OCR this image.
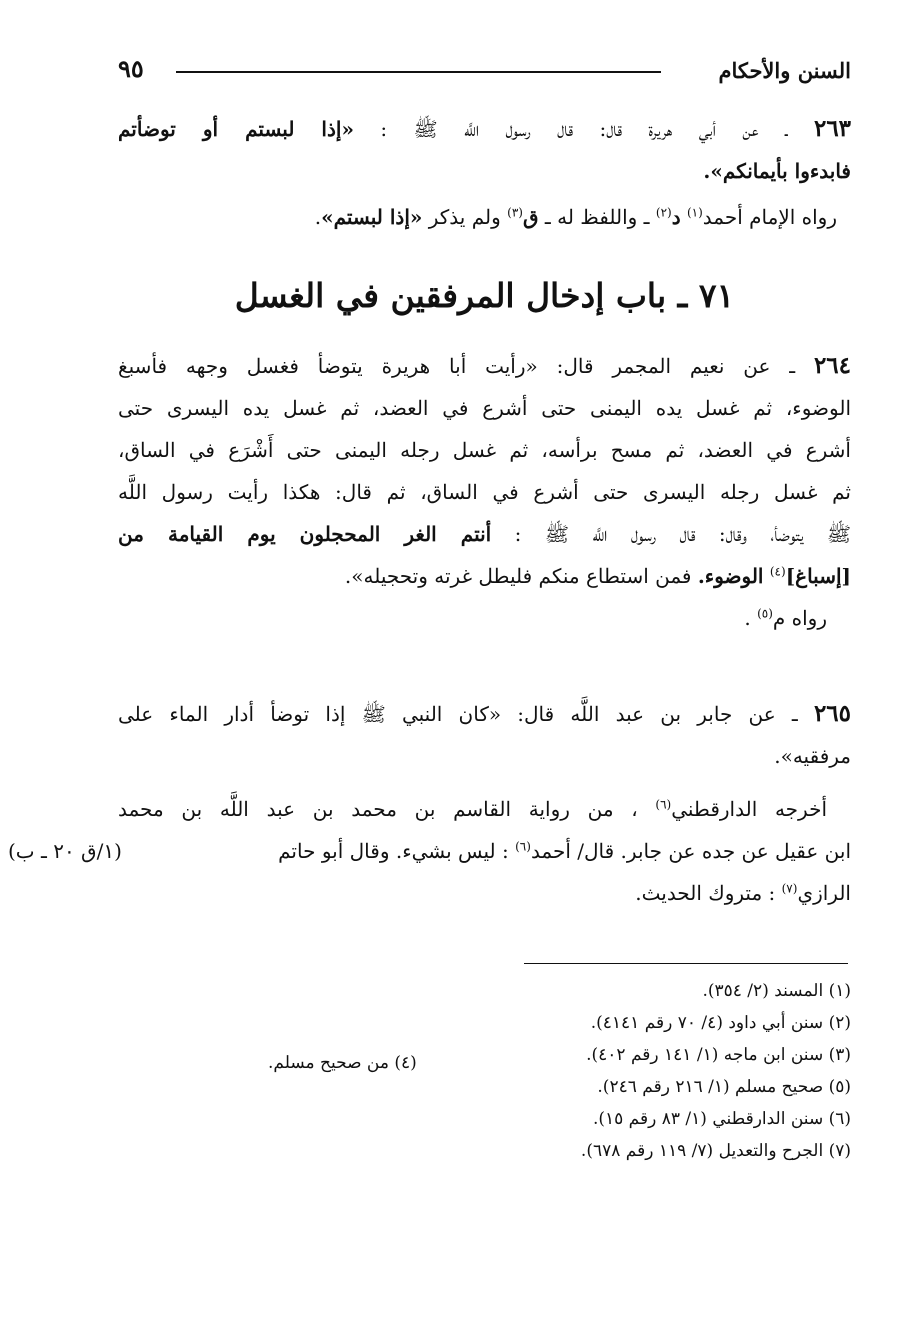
السنن والأحكام
٩٥

٢٦٣ ـ عن أبي هريرة قال: قال رسول اللَّه ﷺ : «إذا لبستم أو توضأتم

فابدءوا بأيمانكم».

رواه الإمام أحمد$^{(١)}$ د$^{(٢)}$ ـ واللفظ له ـ ق$^{(٣)}$ ولم يذكر «إذا لبستم».

٧١ ـ باب إدخال المرفقين في الغسل

٢٦٤ ـ عن نعيم المجمر قال: «رأيت أبا هريرة يتوضأ فغسل وجهه فأسبغ

الوضوء، ثم غسل يده اليمنى حتى أشرع في العضد، ثم غسل يده اليسرى حتى

أشرع في العضد، ثم مسح برأسه، ثم غسل رجله اليمنى حتى أَشْرَع في الساق،

ثم غسل رجله اليسرى حتى أشرع في الساق، ثم قال: هكذا رأيت رسول اللَّه

ﷺ يتوضأ، وقال: قال رسول اللَّه ﷺ : أنتم الغر المحجلون يوم القيامة من

[إسباغ]$^{(٤)}$ الوضوء. فمن استطاع منكم فليطل غرته وتحجيله».

رواه م$^{(٥)}$ .

٢٦٥ ـ عن جابر بن عبد اللَّه قال: «كان النبي ﷺ إذا توضأ أدار الماء على

مرفقيه».

أخرجه الدارقطني$^{(٦)}$ ، من رواية القاسم بن محمد بن عبد اللَّه بن محمد

ابن عقيل عن جده عن جابر. قال/ أحمد$^{(٦)}$ : ليس بشيء. وقال أبو حاتم
(١/ق ٢٠ ـ ب)

الرازي$^{(٧)}$ : متروك الحديث.

(١) المسند (٢/ ٣٥٤).

(٢) سنن أبي داود (٤/ ٧٠ رقم ٤١٤١).

(٣) سنن ابن ماجه (١/ ١٤١ رقم ٤٠٢).

(٥) صحيح مسلم (١/ ٢١٦ رقم ٢٤٦).

(٦) سنن الدارقطني (١/ ٨٣ رقم ١٥).

(٧) الجرح والتعديل (٧/ ١١٩ رقم ٦٧٨).

(٤) من صحيح مسلم.
